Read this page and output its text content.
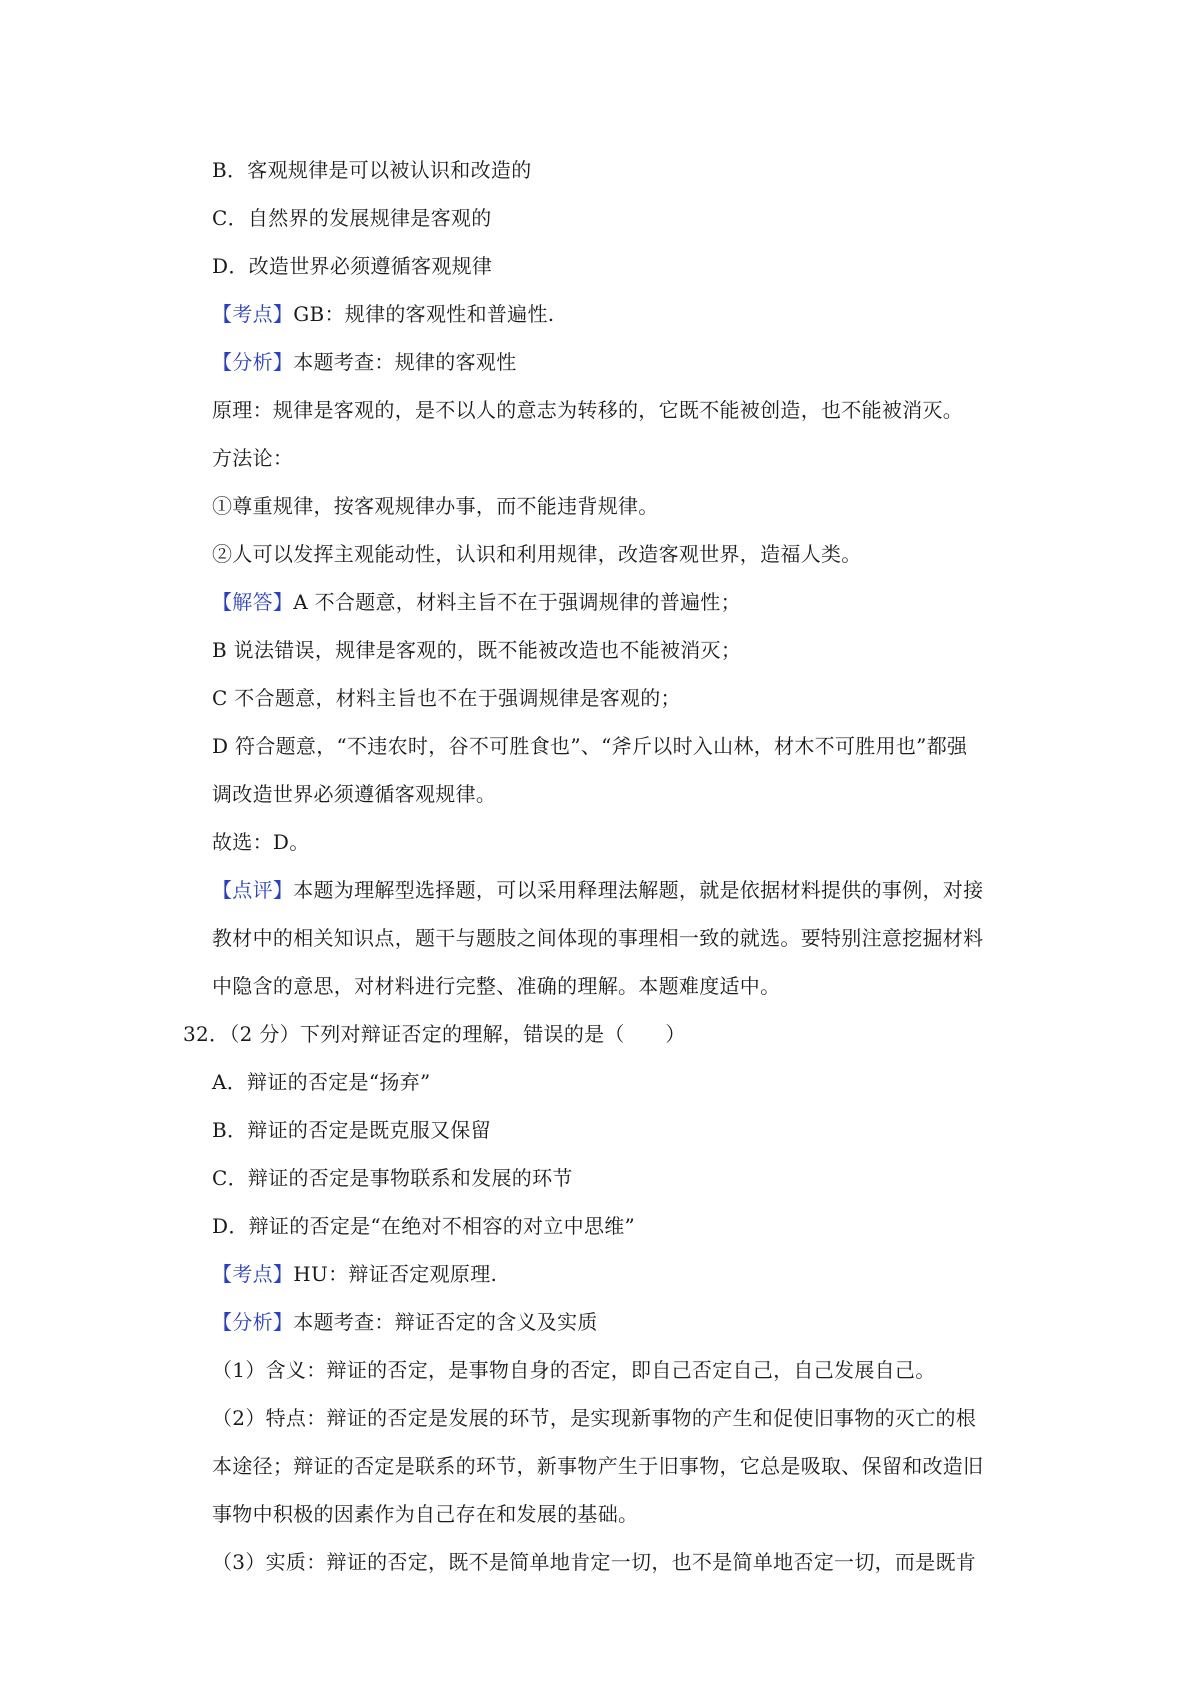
B．客观规律是可以被认识和改造的
C．自然界的发展规律是客观的
D．改造世界必须遵循客观规律
【考点】GB：规律的客观性和普遍性.
【分析】本题考查：规律的客观性
原理：规律是客观的，是不以人的意志为转移的，它既不能被创造，也不能被消灭。
方法论：
①尊重规律，按客观规律办事，而不能违背规律。
②人可以发挥主观能动性，认识和利用规律，改造客观世界，造福人类。
【解答】A 不合题意，材料主旨不在于强调规律的普遍性；
B 说法错误，规律是客观的，既不能被改造也不能被消灭；
C 不合题意，材料主旨也不在于强调规律是客观的；
D 符合题意，“不违农时，谷不可胜食也”、“斧斤以时入山林，材木不可胜用也”都强
调改造世界必须遵循客观规律。
故选：D。
【点评】本题为理解型选择题，可以采用释理法解题，就是依据材料提供的事例，对接
教材中的相关知识点，题干与题肢之间体现的事理相一致的就选。要特别注意挖掘材料
中隐含的意思，对材料进行完整、准确的理解。本题难度适中。
32．（2 分）下列对辩证否定的理解，错误的是（　　）
A．辩证的否定是“扬弃”
B．辩证的否定是既克服又保留
C．辩证的否定是事物联系和发展的环节
D．辩证的否定是“在绝对不相容的对立中思维”
【考点】HU：辩证否定观原理.
【分析】本题考查：辩证否定的含义及实质
（1）含义：辩证的否定，是事物自身的否定，即自己否定自己，自己发展自己。
（2）特点：辩证的否定是发展的环节，是实现新事物的产生和促使旧事物的灭亡的根
本途径；辩证的否定是联系的环节，新事物产生于旧事物，它总是吸取、保留和改造旧
事物中积极的因素作为自己存在和发展的基础。
（3）实质：辩证的否定，既不是简单地肯定一切，也不是简单地否定一切，而是既肯
